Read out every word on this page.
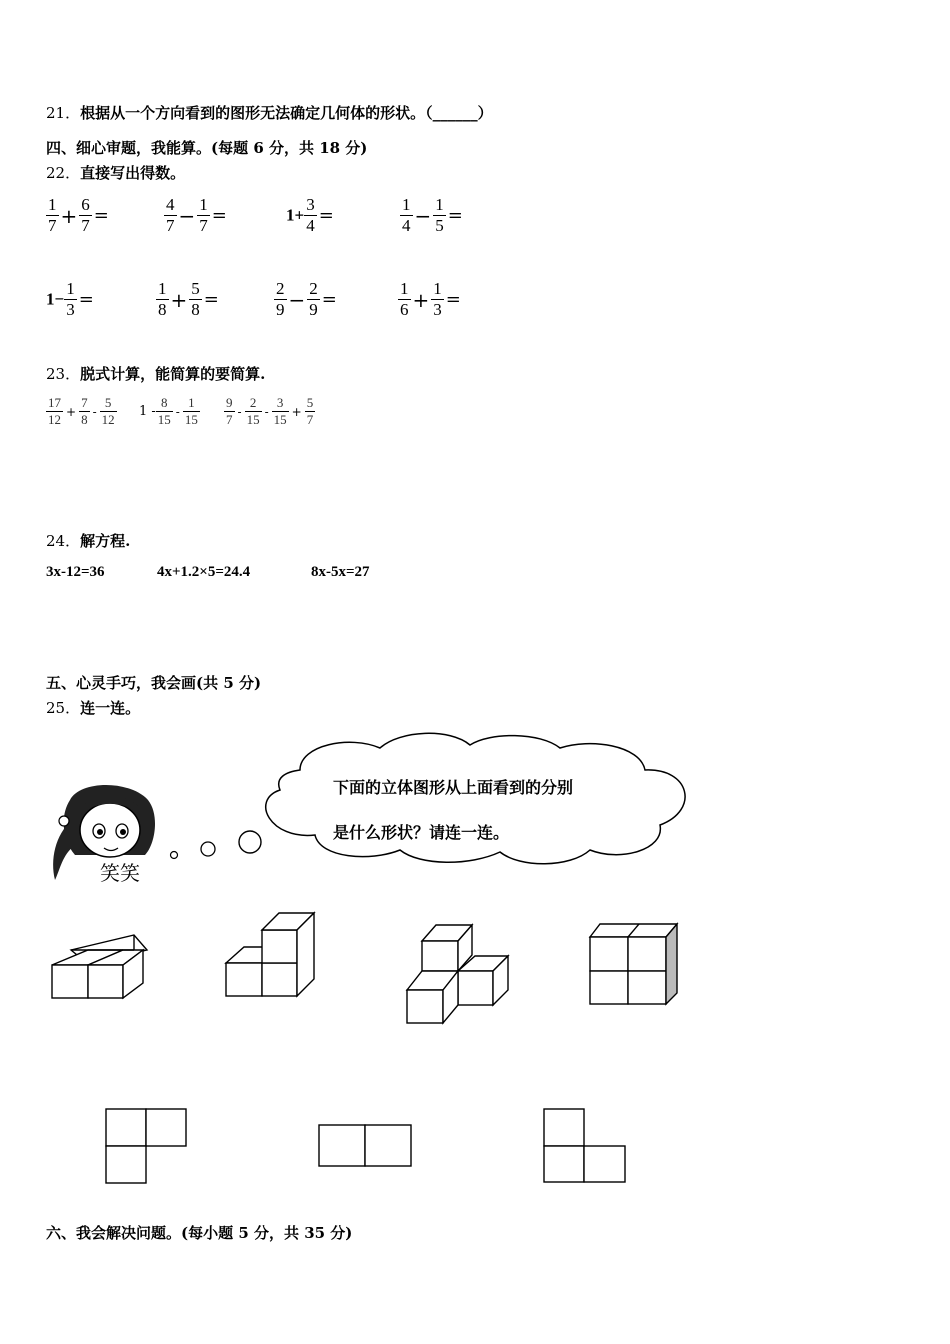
21．根据从一个方向看到的图形无法确定几何体的形状。（______）
四、细心审题，我能算。(每题 6 分，共 18 分)
22．直接写出得数。
$\frac{1}{7} + \frac{6}{7}$ =	$\frac{4}{7} - \frac{1}{7}$ =	$1+ \frac{3}{4}$ =	$\frac{1}{4} - \frac{1}{5}$ =
$1- \frac{1}{3}$ =	$\frac{1}{8} + \frac{5}{8}$ =	$\frac{2}{9} - \frac{2}{9}$ =	$\frac{1}{6} + \frac{1}{3}$ =
23．脱式计算，能简算的要简算.
$\frac{17}{12} + \frac{7}{8} - \frac{5}{12} 1 - \frac{8}{15} - \frac{1}{15} \frac{9}{7} - \frac{2}{15} - \frac{3}{15} + \frac{5}{7}$
24．解方程.
3x-12=36	4x+1.2×5=24.4	8x-5x=27
五、心灵手巧，我会画(共 5 分)
25．连一连。
下面的立体图形从上面看到的分别
是什么形状？请连一连。
笑笑
六、我会解决问题。(每小题 5 分，共 35 分)
